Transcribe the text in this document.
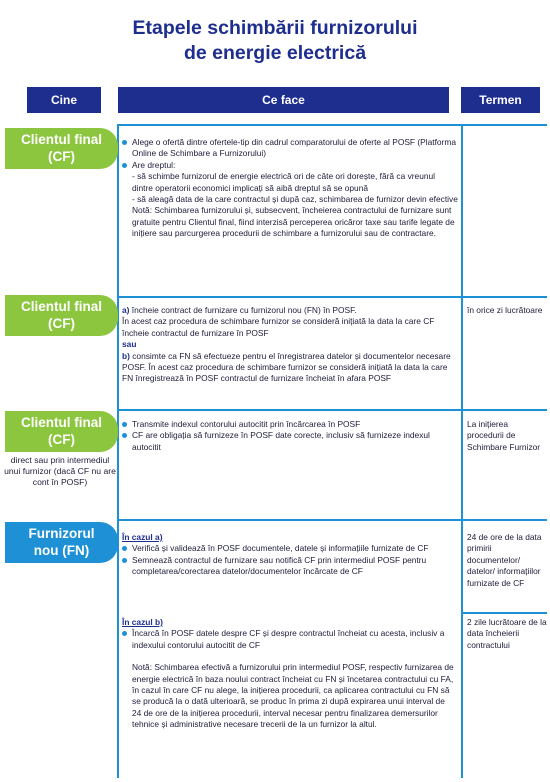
Etapele schimbării furnizorului
de energie electrică
Cine	Ce face	Termen
Clientul final
(CF)

Alege o ofertă dintre ofertele-tip din cadrul comparatorului de oferte al POSF (Platforma Online de Schimbare a Furnizorului)

Are dreptul:

- să schimbe furnizorul de energie electrică ori de câte ori dorește, fără ca vreunul dintre operatorii economici implicați să aibă dreptul să se opună

- să aleagă data de la care contractul și după caz, schimbarea de furnizor devin efective

Notă: Schimbarea furnizorului și, subsecvent, încheierea contractului de furnizare sunt gratuite pentru Clientul final, fiind interzisă perceperea oricăror taxe sau tarife legate de inițiere sau parcurgerea procedurii de schimbare a furnizorului sau de contractare.

Clientul final
(CF)

a) încheie contract de furnizare cu furnizorul nou (FN) în POSF.

În acest caz procedura de schimbare furnizor se consideră inițiată la data la care CF încheie contractul de furnizare în POSF

sau

b) consimte ca FN să efectueze pentru el înregistrarea datelor și documentelor necesare POSF. În acest caz procedura de schimbare furnizor se consideră inițiată la data la care FN înregistrează în POSF contractul de furnizare încheiat în afara POSF

în orice zi lucrătoare
Clientul final
(CF)
direct sau prin intermediul unui furnizor (dacă CF nu are cont în POSF)

Transmite indexul contorului autocitit prin încărcarea în POSF

CF are obligația să furnizeze în POSF date corecte, inclusiv să furnizeze indexul autocitit

La inițierea procedurii de Schimbare Furnizor
Furnizorul
nou (FN)

În cazul a)

Verifică și validează în POSF documentele, datele și informațiile furnizate de CF

Semnează contractul de furnizare sau notifică CF prin intermediul POSF pentru completarea/corectarea datelor/documentelor încărcate de CF

În cazul b)

Încarcă în POSF datele despre CF și despre contractul încheiat cu acesta, inclusiv a indexului contorului autocitit de CF

Notă: Schimbarea efectivă a furnizorului prin intermediul POSF, respectiv furnizarea de energie electrică în baza noului contract încheiat cu FN și încetarea contractului cu FA, în cazul în care CF nu alege, la inițierea procedurii, ca aplicarea contractului cu FN să se producă la o dată ulterioară, se produc în prima zi după expirarea unui interval de 24 de ore de la inițierea procedurii, interval necesar pentru finalizarea demersurilor tehnice și administrative necesare trecerii de la un furnizor la altul.

24 de ore de la data primirii documentelor/ datelor/ informațiilor furnizate de CF
2 zile lucrătoare de la data încheierii contractului
